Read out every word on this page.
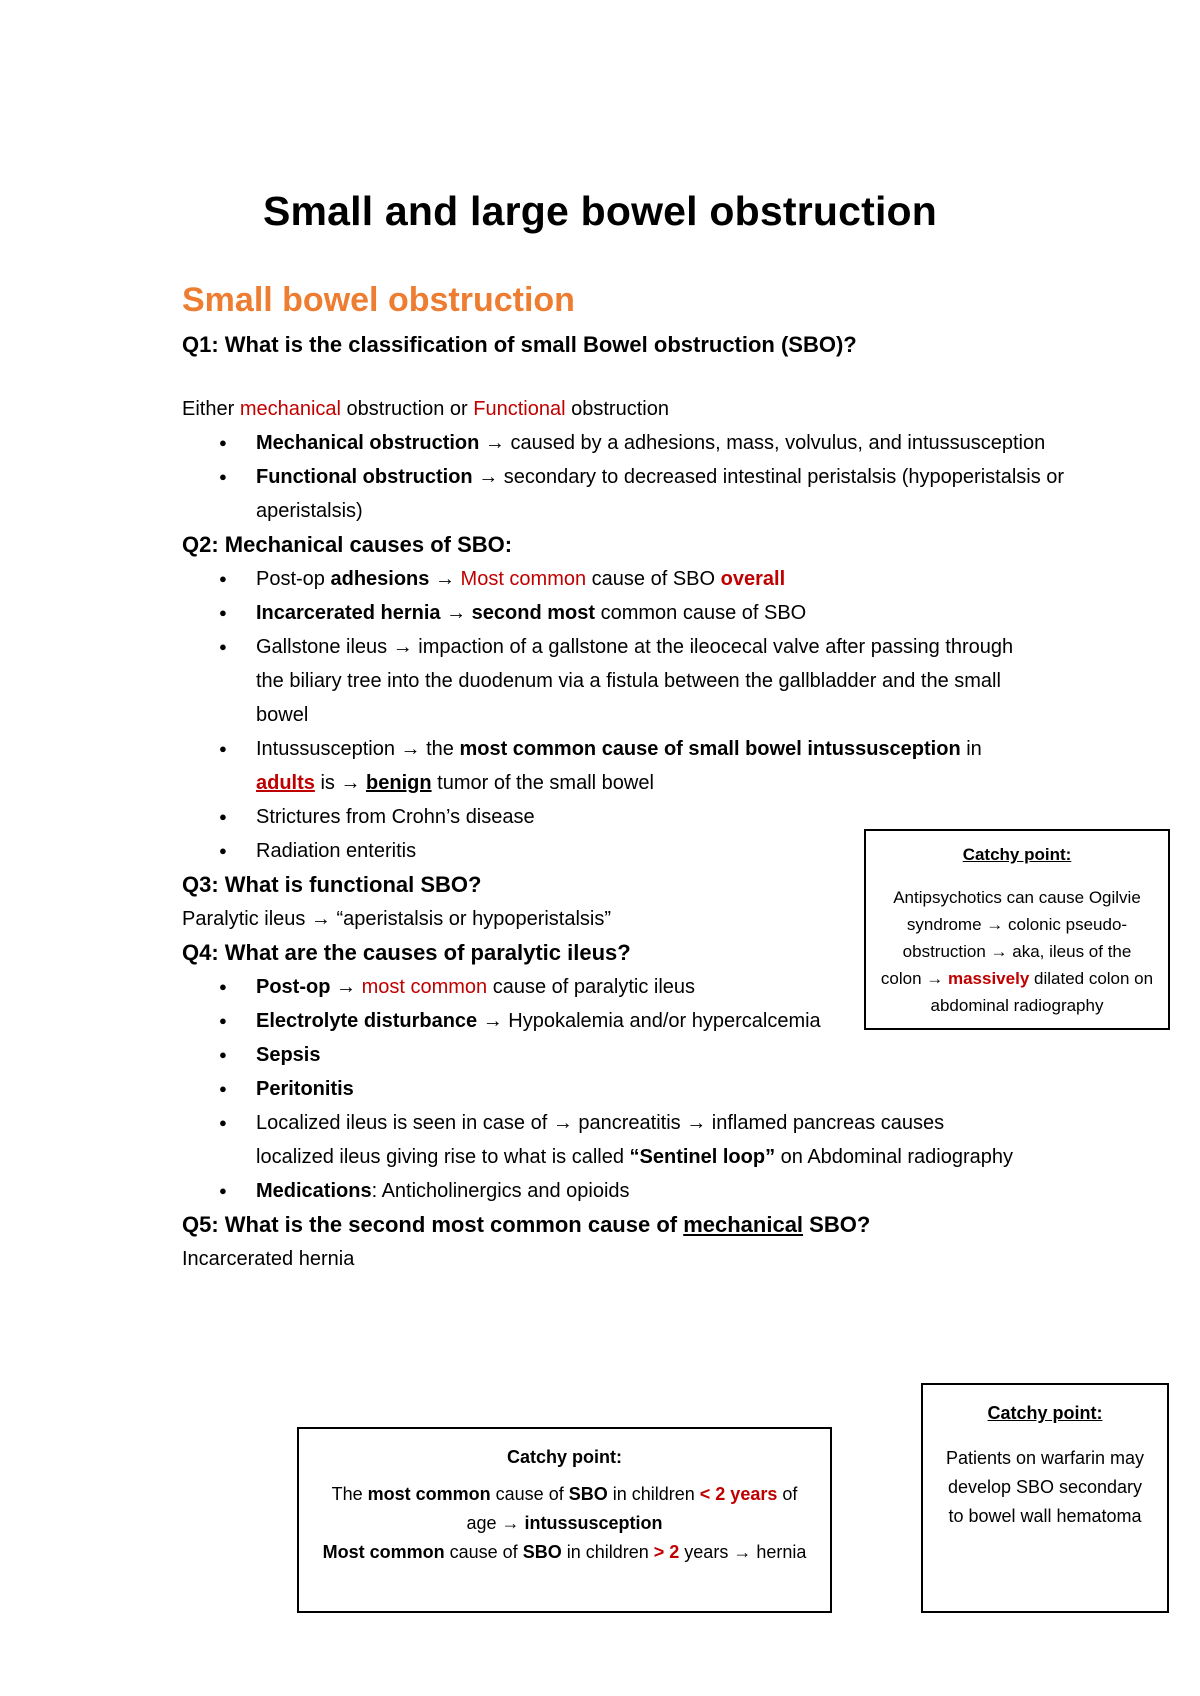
Small and large bowel obstruction
Small bowel obstruction

Q1: What is the classification of small Bowel obstruction (SBO)?

Either mechanical obstruction or Functional obstruction

● Mechanical obstruction → caused by a adhesions, mass, volvulus, and intussusception
● Functional obstruction → secondary to decreased intestinal peristalsis (hypoperistalsis or aperistalsis)

Q2: Mechanical causes of SBO:

● Post-op adhesions → Most common cause of SBO overall
● Incarcerated hernia → second most common cause of SBO
● Gallstone ileus → impaction of a gallstone at the ileocecal valve after passing through the biliary tree into the duodenum via a fistula between the gallbladder and the small bowel
● Intussusception → the most common cause of small bowel intussusception in adults is → benign tumor of the small bowel
● Strictures from Crohn’s disease
● Radiation enteritis

Q3: What is functional SBO?

Paralytic ileus → “aperistalsis or hypoperistalsis”

Q4: What are the causes of paralytic ileus?

● Post-op → most common cause of paralytic ileus
● Electrolyte disturbance → Hypokalemia and/or hypercalcemia
● Sepsis
● Peritonitis
● Localized ileus is seen in case of → pancreatitis → inflamed pancreas causes localized ileus giving rise to what is called “Sentinel loop” on Abdominal radiography
● Medications: Anticholinergics and opioids

Q5: What is the second most common cause of mechanical SBO?

Incarcerated hernia

Catchy point:
Antipsychotics can cause Ogilvie syndrome → colonic pseudo-obstruction → aka, ileus of the colon → massively dilated colon on abdominal radiography
Catchy point:
The most common cause of SBO in children < 2 years of age → intussusception
Most common cause of SBO in children > 2 years → hernia
Catchy point:
Patients on warfarin may develop SBO secondary to bowel wall hematoma
